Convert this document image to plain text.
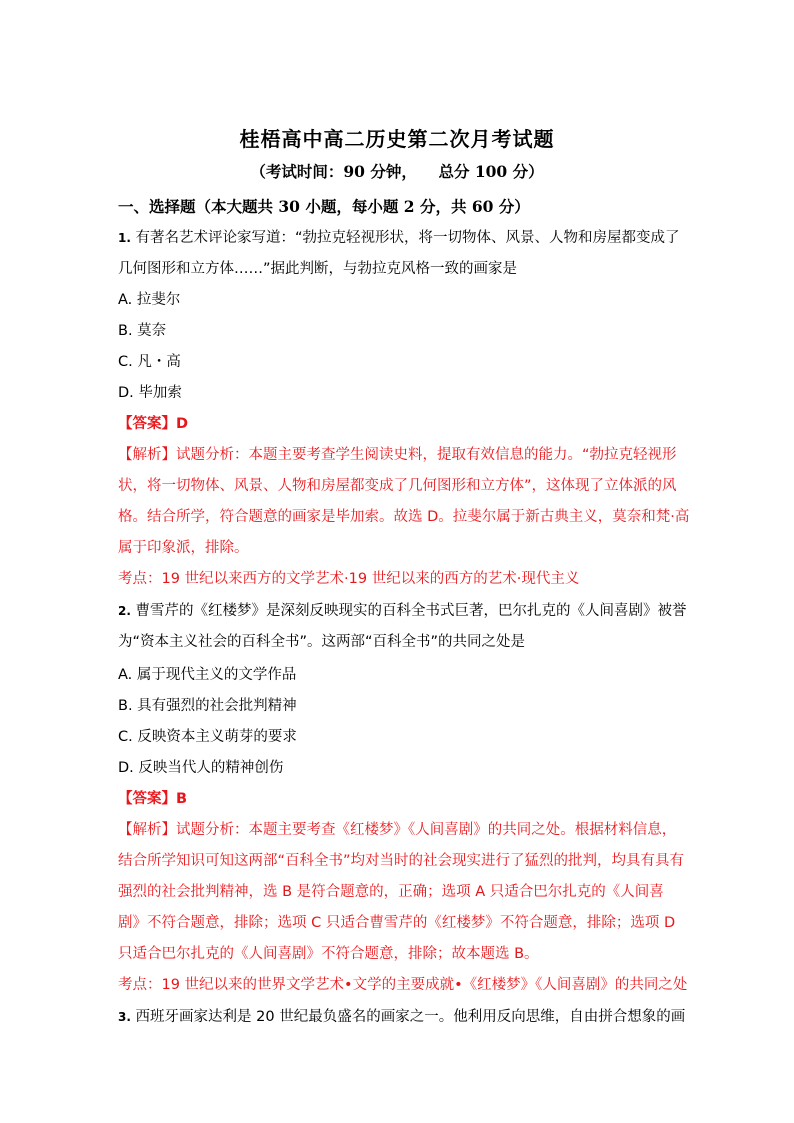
桂梧高中高二历史第二次月考试题
（考试时间：90 分钟，    总分 100 分）
一、选择题（本大题共 30 小题，每小题 2 分，共 60 分）
1. 有著名艺术评论家写道：“勃拉克轻视形状，将一切物体、风景、人物和房屋都变成了
几何图形和立方体……”据此判断，与勃拉克风格一致的画家是
A. 拉斐尔
B. 莫奈
C. 凡・高
D. 毕加索
【答案】D
【解析】试题分析：本题主要考查学生阅读史料，提取有效信息的能力。“勃拉克轻视形
状，将一切物体、风景、人物和房屋都变成了几何图形和立方体”，这体现了立体派的风
格。结合所学，符合题意的画家是毕加索。故选 D。拉斐尔属于新古典主义，莫奈和梵·高
属于印象派，排除。
考点：19 世纪以来西方的文学艺术·19 世纪以来的西方的艺术·现代主义
2. 曹雪芹的《红楼梦》是深刻反映现实的百科全书式巨著，巴尔扎克的《人间喜剧》被誉
为“资本主义社会的百科全书”。这两部“百科全书”的共同之处是
A. 属于现代主义的文学作品
B. 具有强烈的社会批判精神
C. 反映资本主义萌芽的要求
D. 反映当代人的精神创伤
【答案】B
【解析】试题分析：本题主要考查《红楼梦》《人间喜剧》的共同之处。根据材料信息，
结合所学知识可知这两部“百科全书”均对当时的社会现实进行了猛烈的批判，均具有具有
强烈的社会批判精神，选 B 是符合题意的，正确；选项 A 只适合巴尔扎克的《人间喜
剧》不符合题意，排除；选项 C 只适合曹雪芹的《红楼梦》不符合题意，排除；选项 D
只适合巴尔扎克的《人间喜剧》不符合题意，排除；故本题选 B。
考点：19 世纪以来的世界文学艺术•文学的主要成就•《红楼梦》《人间喜剧》的共同之处
3. 西班牙画家达利是 20 世纪最负盛名的画家之一。他利用反向思维，自由拼合想象的画
